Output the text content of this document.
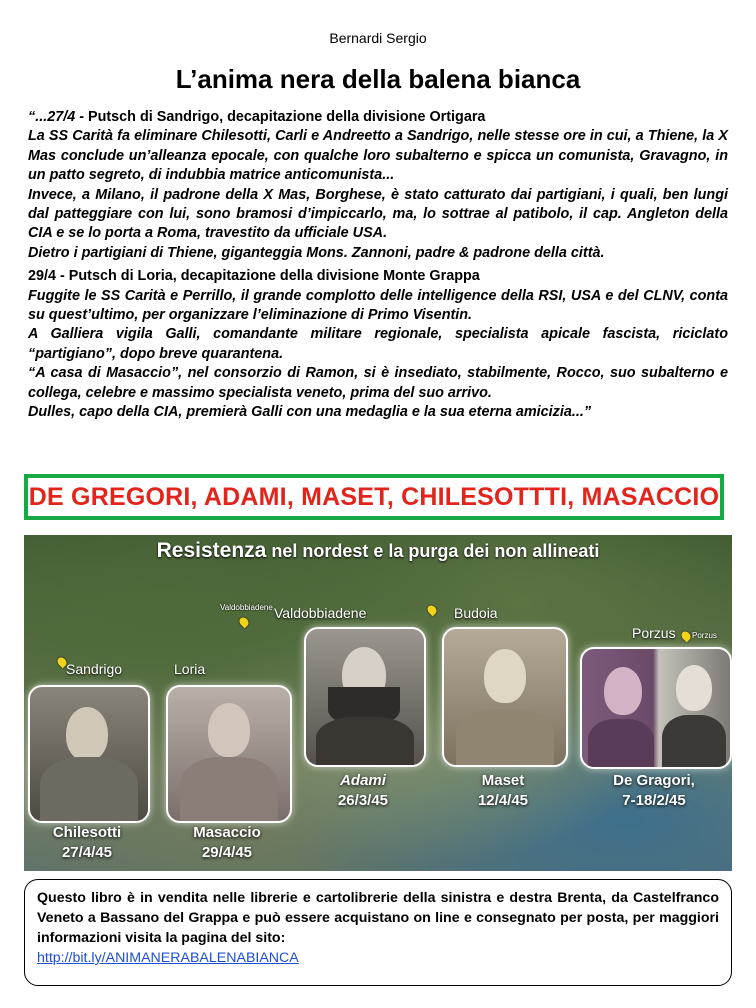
Bernardi Sergio
L’anima nera della balena bianca

“...27/4 - Putsch di Sandrigo, decapitazione della divisione Ortigara

La SS Carità fa eliminare Chilesotti, Carli e Andreetto a Sandrigo, nelle stesse ore in cui, a Thiene, la X Mas conclude un’alleanza epocale, con qualche loro subalterno e spicca un comunista, Gravagno, in un patto segreto, di indubbia matrice anticomunista...

Invece, a Milano, il padrone della X Mas, Borghese, è stato catturato dai partigiani, i quali, ben lungi dal patteggiare con lui, sono bramosi d’impiccarlo, ma, lo sottrae al patibolo, il cap. Angleton della CIA e se lo porta a Roma, travestito da ufficiale USA.

Dietro i partigiani di Thiene, giganteggia Mons. Zannoni, padre & padrone della città.

29/4 - Putsch di Loria, decapitazione della divisione Monte Grappa

Fuggite le SS Carità e Perrillo, il grande complotto delle intelligence della RSI, USA e del CLNV, conta su quest’ultimo, per organizzare l’eliminazione di Primo Visentin.

A Galliera vigila Galli, comandante militare regionale, specialista apicale fascista, riciclato “partigiano”, dopo breve quarantena.

“A casa di Masaccio”, nel consorzio di Ramon, si è insediato, stabilmente, Rocco, suo subalterno e collega, celebre e massimo specialista veneto, prima del suo arrivo.

Dulles, capo della CIA, premierà Galli con una medaglia e la sua eterna amicizia...”

DE GREGORI, ADAMI, MASET, CHILESOTTTI, MASACCIO
Resistenza nel nordest e la purga dei non allineati
Sandrigo	Loria
Valdobbiadene	Budoia
Porzus
Valdobbiadene
Porzus
Chilesotti
27/4/45
Masaccio
29/4/45
Adami
26/3/45
Maset
12/4/45
De Gragori,
7-18/2/45
Questo libro è in vendita nelle librerie e cartolibrerie della sinistra e destra Brenta, da Castelfranco Veneto a Bassano del Grappa e può essere acquistano on line e consegnato per posta, per maggiori informazioni visita la pagina del sito:
http://bit.ly/ANIMANERABALENABIANCA
